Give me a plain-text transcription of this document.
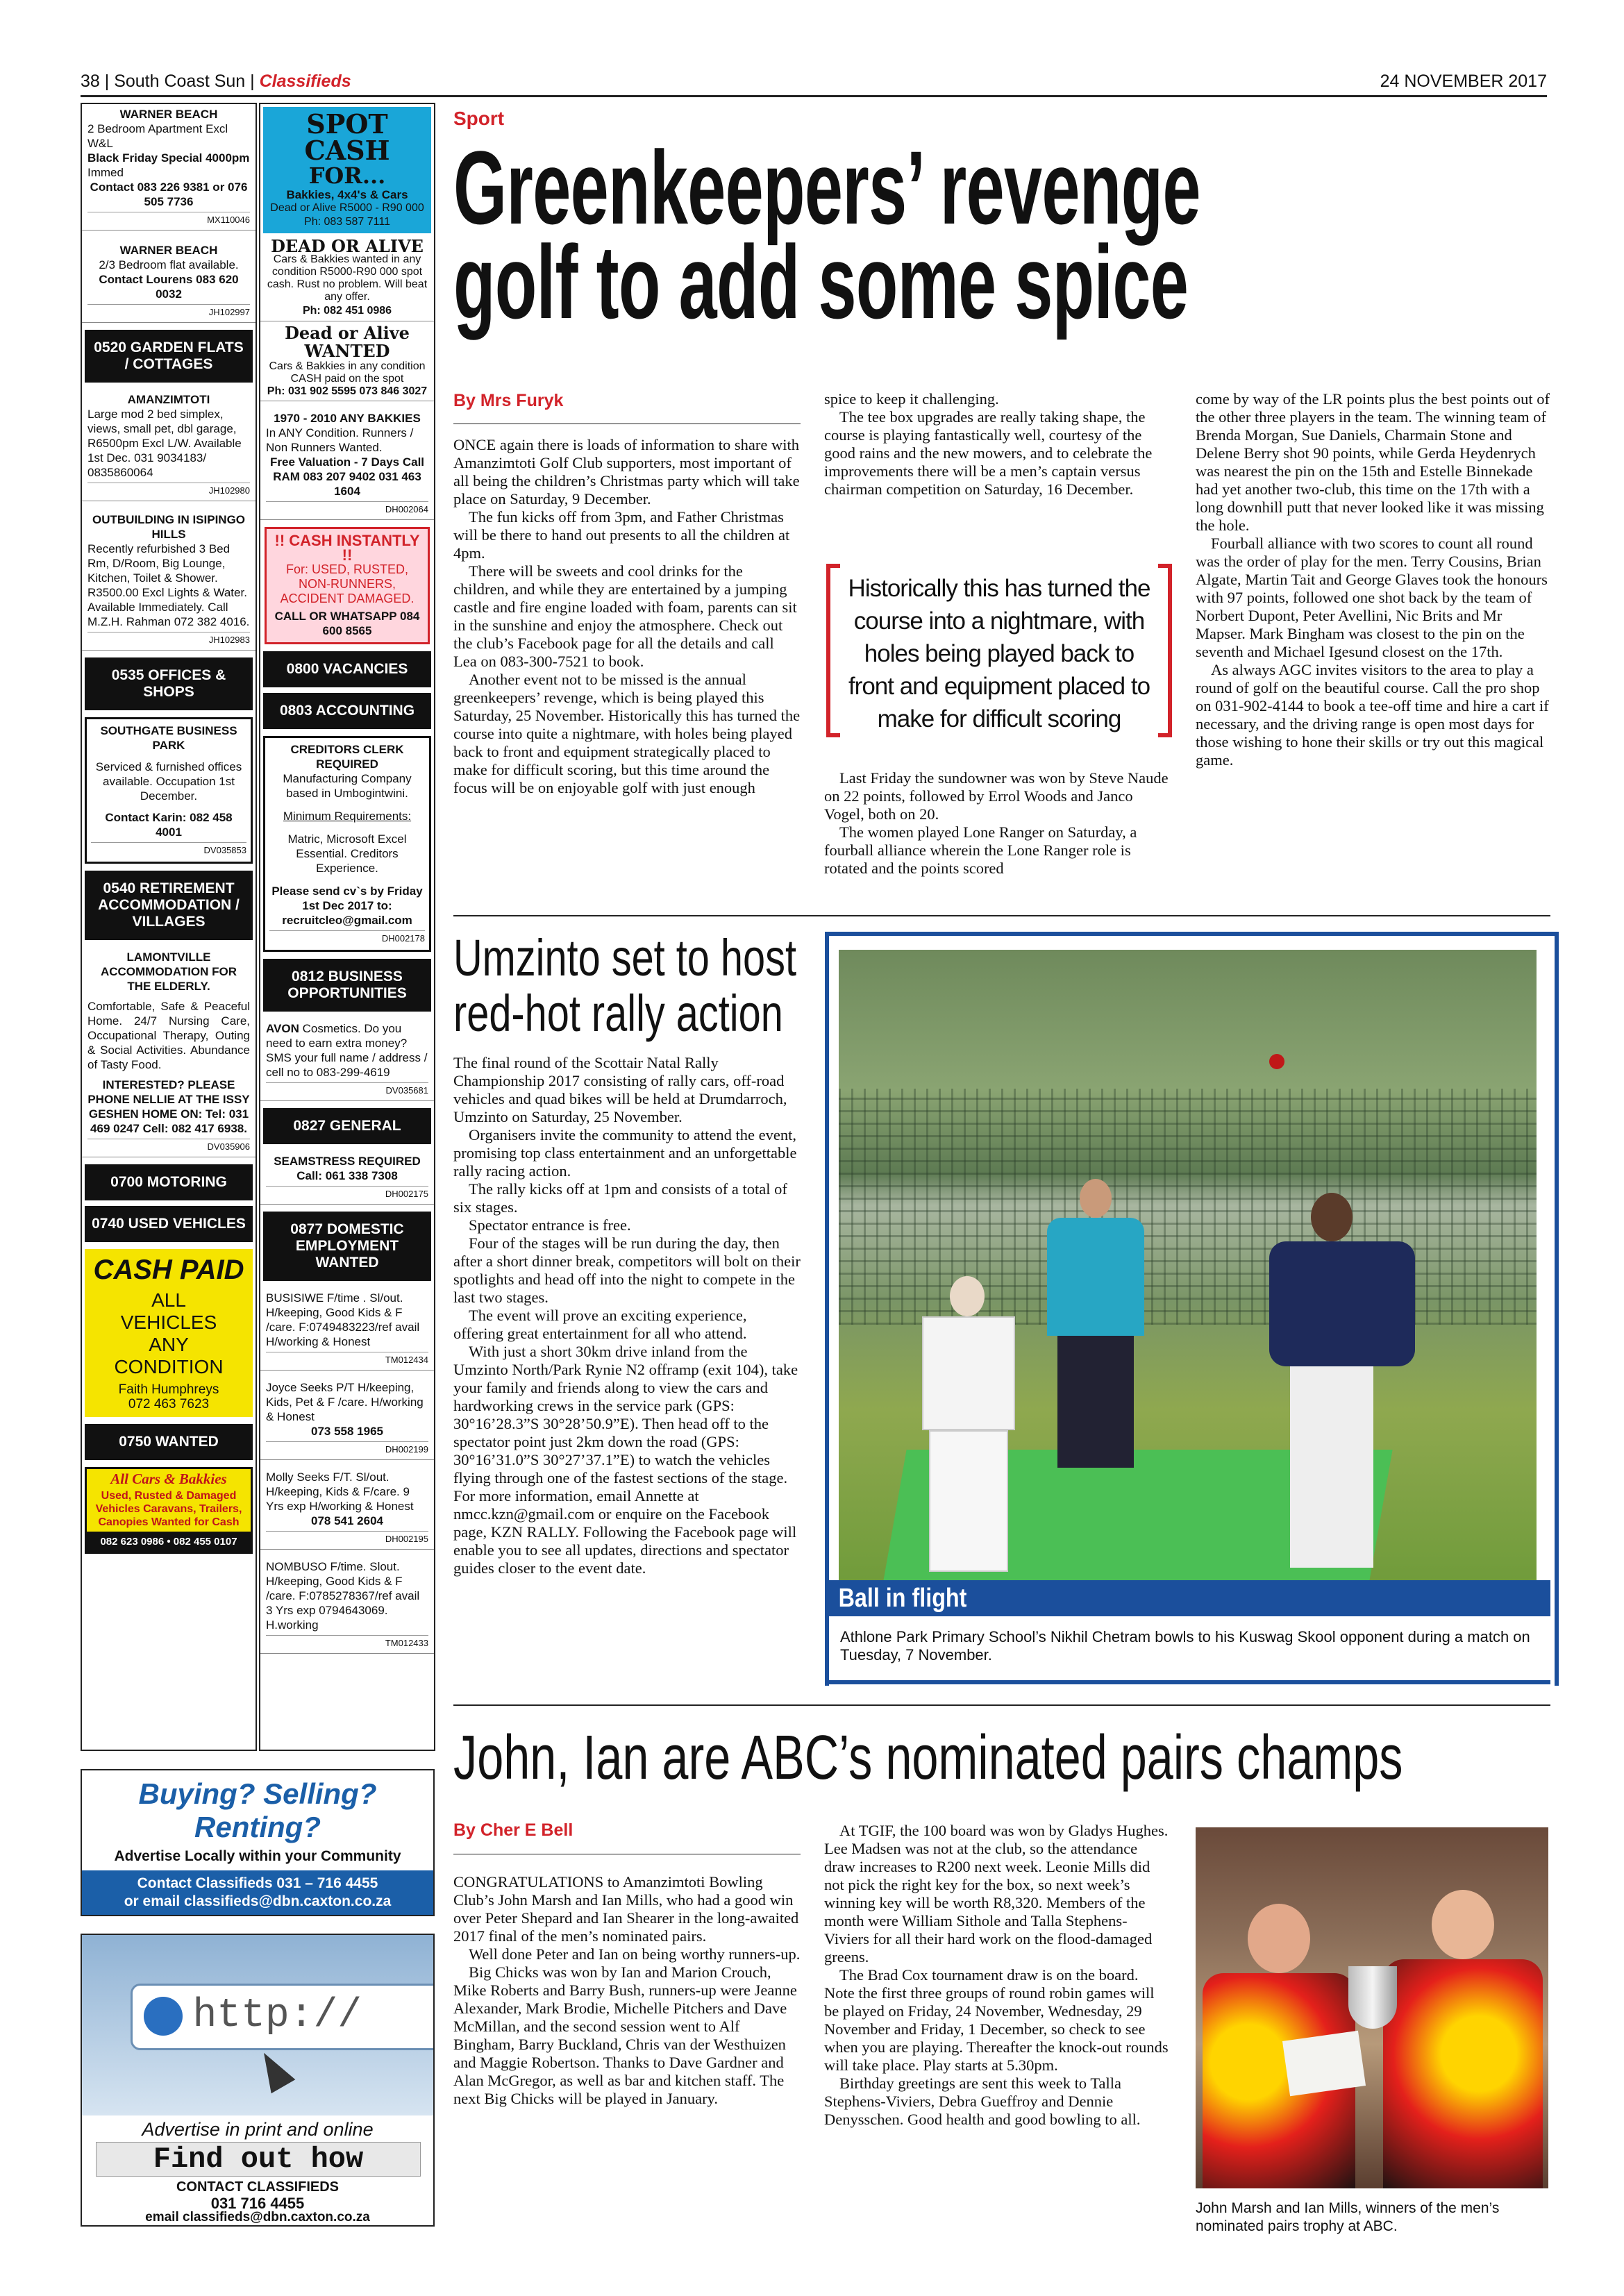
38 | South Coast Sun | Classifieds	24 NOVEMBER 2017
WARNER BEACH
2 Bedroom Apartment Excl W&L
Black Friday Special 4000pm
Immed
Contact 083 226 9381 or 076 505 7736
MX110046
WARNER BEACH
2/3 Bedroom flat available.
Contact Lourens 083 620 0032
JH102997
0520 GARDEN FLATS / COTTAGES
AMANZIMTOTI
Large mod 2 bed simplex, views, small pet, dbl garage, R6500pm Excl L/W. Available 1st Dec. 031 9034183/ 0835860064
JH102980
OUTBUILDING IN ISIPINGO HILLS
Recently refurbished 3 Bed Rm, D/Room, Big Lounge, Kitchen, Toilet & Shower. R3500.00 Excl Lights & Water. Available Immediately. Call M.Z.H. Rahman 072 382 4016.
JH102983
0535 OFFICES & SHOPS
SOUTHGATE BUSINESS PARK
Serviced & furnished offices available. Occupation 1st December.
Contact Karin: 082 458 4001
DV035853
0540 RETIREMENT ACCOMMODATION / VILLAGES
LAMONTVILLE ACCOMMODATION FOR THE ELDERLY.
Comfortable, Safe & Peaceful Home. 24/7 Nursing Care, Occupational Therapy, Outing & Social Activities. Abundance of Tasty Food.
INTERESTED? PLEASE PHONE NELLIE AT THE ISSY GESHEN HOME ON: Tel: 031 469 0247 Cell: 082 417 6938.
DV035906
0700 MOTORING
0740 USED VEHICLES
CASH PAID
ALL VEHICLES ANY CONDITION
Faith Humphreys
072 463 7623
0750 WANTED
All Cars & Bakkies
Used, Rusted & Damaged Vehicles Caravans, Trailers, Canopies Wanted for Cash
082 623 0986 • 082 455 0107
SPOT CASH
FOR...
Bakkies, 4x4's & Cars
Dead or Alive R5000 - R90 000
Ph: 083 587 7111
DEAD OR ALIVE
Cars & Bakkies wanted in any condition R5000-R90 000 spot cash. Rust no problem. Will beat any offer.
Ph: 082 451 0986
Dead or Alive
WANTED
Cars & Bakkies in any condition CASH paid on the spot
Ph: 031 902 5595 073 846 3027
1970 - 2010 ANY BAKKIES
In ANY Condition. Runners / Non Runners Wanted.
Free Valuation - 7 Days Call RAM 083 207 9402 031 463 1604
DH002064
!! CASH INSTANTLY !!
For: USED, RUSTED, NON-RUNNERS, ACCIDENT DAMAGED.
CALL OR WHATSAPP 084 600 8565
0800 VACANCIES
0803 ACCOUNTING
CREDITORS CLERK REQUIRED
Manufacturing Company based in Umbogintwini.
Minimum Requirements:
Matric, Microsoft Excel Essential. Creditors Experience.
Please send cv`s by Friday 1st Dec 2017 to: recruitcleo@gmail.com
DH002178
0812 BUSINESS OPPORTUNITIES
AVON Cosmetics. Do you need to earn extra money? SMS your full name / address / cell no to 083-299-4619
DV035681
0827 GENERAL
SEAMSTRESS REQUIRED
Call: 061 338 7308
DH002175
0877 DOMESTIC EMPLOYMENT WANTED
BUSISIWE F/time . Sl/out. H/keeping, Good Kids & F /care. F:0749483223/ref avail H/working & Honest
TM012434
Joyce Seeks P/T H/keeping, Kids, Pet & F /care. H/working & Honest
073 558 1965
DH002199
Molly Seeks F/T. Sl/out. H/keeping, Kids & F/care. 9 Yrs exp H/working & Honest
078 541 2604
DH002195
NOMBUSO F/time. Slout. H/keeping, Good Kids & F /care. F:0785278367/ref avail 3 Yrs exp 0794643069. H.working
TM012433
Buying? Selling?
Renting?
Advertise Locally within your Community
Contact Classifieds 031 – 716 4455
or email classifieds@dbn.caxton.co.za
http://
Advertise in print and online
Find out how
CONTACT CLASSIFIEDS
031 716 4455
email classifieds@dbn.caxton.co.za
Sport
Greenkeepers’ revenge
golf to add some spice
By Mrs Furyk

ONCE again there is loads of information to share with Amanzimtoti Golf Club supporters, most important of all being the children’s Christmas party which will take place on Saturday, 9 December.

The fun kicks off from 3pm, and Father Christmas will be there to hand out presents to all the children at 4pm.

There will be sweets and cool drinks for the children, and while they are entertained by a jumping castle and fire engine loaded with foam, parents can sit in the sunshine and enjoy the atmosphere. Check out the club’s Facebook page for all the details and call Lea on 083-300-7521 to book.

Another event not to be missed is the annual greenkeepers’ revenge, which is being played this Saturday, 25 November. Historically this has turned the course into quite a nightmare, with holes being played back to front and equipment strategically placed to make for difficult scoring, but this time around the focus will be on enjoyable golf with just enough

spice to keep it challenging.

The tee box upgrades are really taking shape, the course is playing fantastically well, courtesy of the good rains and the new mowers, and to celebrate the improvements there will be a men’s captain versus chairman competition on Saturday, 16 December.

Historically this has turned the course into a nightmare, with holes being played back to front and equipment placed to make for difficult scoring

Last Friday the sundowner was won by Steve Naude on 22 points, followed by Errol Woods and Janco Vogel, both on 20.

The women played Lone Ranger on Saturday, a fourball alliance wherein the Lone Ranger role is rotated and the points scored

come by way of the LR points plus the best points out of the other three players in the team. The winning team of Brenda Morgan, Sue Daniels, Charmain Stone and Delene Berry shot 90 points, while Gerda Heydenrych was nearest the pin on the 15th and Estelle Binnekade had yet another two-club, this time on the 17th with a long downhill putt that never looked like it was missing the hole.

Fourball alliance with two scores to count all round was the order of play for the men. Terry Cousins, Brian Algate, Martin Tait and George Glaves took the honours with 97 points, followed one shot back by the team of Norbert Dupont, Peter Avellini, Nic Brits and Mr Mapser. Mark Bingham was closest to the pin on the seventh and Michael Igesund closest on the 17th.

As always AGC invites visitors to the area to play a round of golf on the beautiful course. Call the pro shop on 031-902-4144 to book a tee-off time and hire a cart if necessary, and the driving range is open most days for those wishing to hone their skills or try out this magical game.

Umzinto set to host
red-hot rally action

The final round of the Scottair Natal Rally Championship 2017 consisting of rally cars, off-road vehicles and quad bikes will be held at Drumdarroch, Umzinto on Saturday, 25 November.

Organisers invite the community to attend the event, promising top class entertainment and an unforgettable rally racing action.

The rally kicks off at 1pm and consists of a total of six stages.

Spectator entrance is free.

Four of the stages will be run during the day, then after a short dinner break, competitors will bolt on their spotlights and head off into the night to compete in the last two stages.

The event will prove an exciting experience, offering great entertainment for all who attend.

With just a short 30km drive inland from the Umzinto North/Park Rynie N2 offramp (exit 104), take your family and friends along to view the cars and hardworking crews in the service park (GPS: 30°16’28.3”S 30°28’50.9”E). Then head off to the spectator point just 2km down the road (GPS: 30°16’31.0”S 30°27’37.1”E) to watch the vehicles flying through one of the fastest sections of the stage. For more information, email Annette at nmcc.kzn@gmail.com or enquire on the Facebook page, KZN RALLY. Following the Facebook page will enable you to see all updates, directions and spectator guides closer to the event date.

Ball in flight
Athlone Park Primary School’s Nikhil Chetram bowls to his Kuswag Skool opponent during a match on Tuesday, 7 November.
John, Ian are ABC’s nominated pairs champs
By Cher E Bell

CONGRATULATIONS to Amanzimtoti Bowling Club’s John Marsh and Ian Mills, who had a good win over Peter Shepard and Ian Shearer in the long-awaited 2017 final of the men’s nominated pairs.

Well done Peter and Ian on being worthy runners-up.

Big Chicks was won by Ian and Marion Crouch, Mike Roberts and Barry Bush, runners-up were Jeanne Alexander, Mark Brodie, Michelle Pitchers and Dave McMillan, and the second session went to Alf Bingham, Barry Buckland, Chris van der Westhuizen and Maggie Robertson. Thanks to Dave Gardner and Alan McGregor, as well as bar and kitchen staff. The next Big Chicks will be played in January.

At TGIF, the 100 board was won by Gladys Hughes. Lee Madsen was not at the club, so the attendance draw increases to R200 next week. Leonie Mills did not pick the right key for the box, so next week’s winning key will be worth R8,320. Members of the month were William Sithole and Talla Stephens-Viviers for all their hard work on the flood-damaged greens.

The Brad Cox tournament draw is on the board. Note the first three groups of round robin games will be played on Friday, 24 November, Wednesday, 29 November and Friday, 1 December, so check to see when you are playing. Thereafter the knock-out rounds will take place. Play starts at 5.30pm.

Birthday greetings are sent this week to Talla Stephens-Viviers, Debra Gueffroy and Dennie Denysschen. Good health and good bowling to all.

John Marsh and Ian Mills, winners of the men’s nominated pairs trophy at ABC.
